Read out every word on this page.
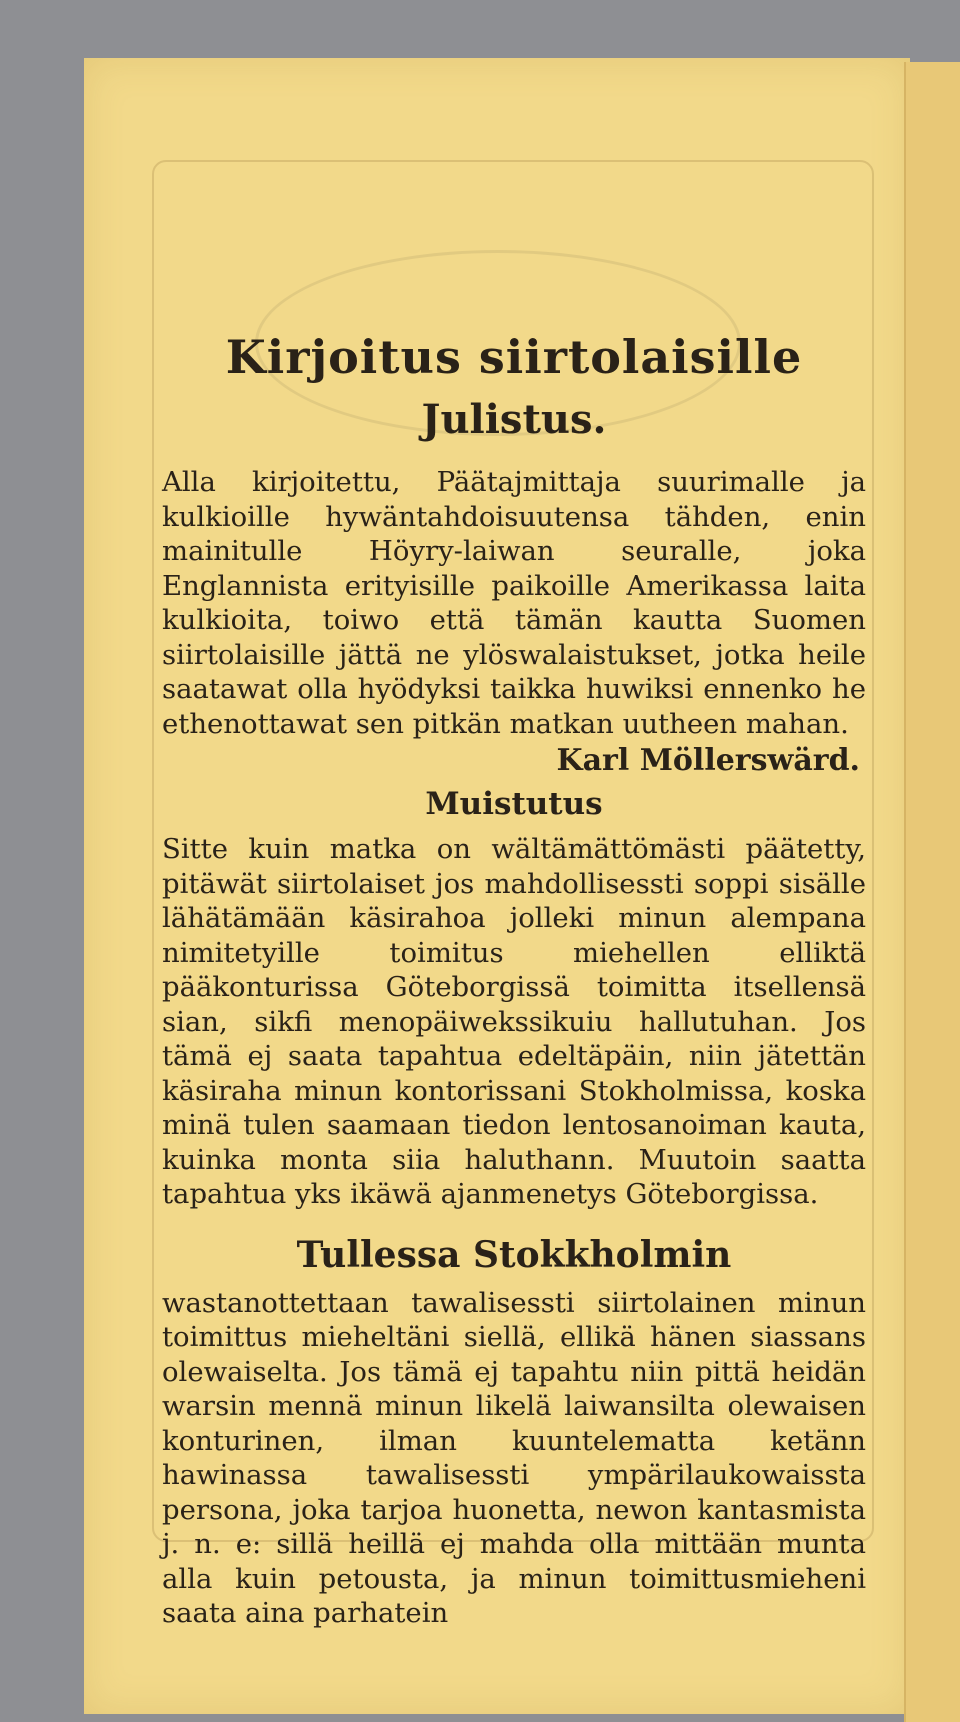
Kirjoitus siirtolaisille
Julistus.

Alla kirjoitettu, Päätajmittaja suurimalle ja kulkioille hywäntahdoisuutensa tähden, enin mainitulle Höyry-laiwan seuralle, joka Englannista erityisille paikoille Amerikassa laita kulkioita, toiwo että tämän kautta Suomen siirtolaisille jättä ne ylöswalaistukset, jotka heile saatawat olla hyödyksi taikka huwiksi ennenko he ethenottawat sen pitkän matkan uutheen mahan.

Karl Möllerswärd.
Muistutus

Sitte kuin matka on wältämättömästi päätetty, pitäwät siirtolaiset jos mahdollisessti soppi sisälle lähätämään käsirahoa jolleki minun alempana nimitetyille toimitus miehellen elliktä pääkonturissa Göteborgissä toimitta itsellensä sian, sikfi menopäiwekssikuiu hallutuhan. Jos tämä ej saata tapahtua edeltäpäin, niin jätettän käsiraha minun kontorissani Stokholmissa, koska minä tulen saamaan tiedon lentosanoiman kauta, kuinka monta siia haluthann. Muutoin saatta tapahtua yks ikäwä ajanmenetys Göteborgissa.

Tullessa Stokkholmin

wastanottettaan tawalisessti siirtolainen minun toimittus mieheltäni siellä, ellikä hänen siassans olewaiselta. Jos tämä ej tapahtu niin pittä heidän warsin mennä minun likelä laiwansilta olewaisen konturinen, ilman kuuntelematta ketänn hawinassa tawalisessti ympärilaukowaissta persona, joka tarjoa huonetta, newon kantasmista j. n. e: sillä heillä ej mahda olla mittään munta alla kuin petousta, ja minun toimittusmieheni saata aina parhatein
